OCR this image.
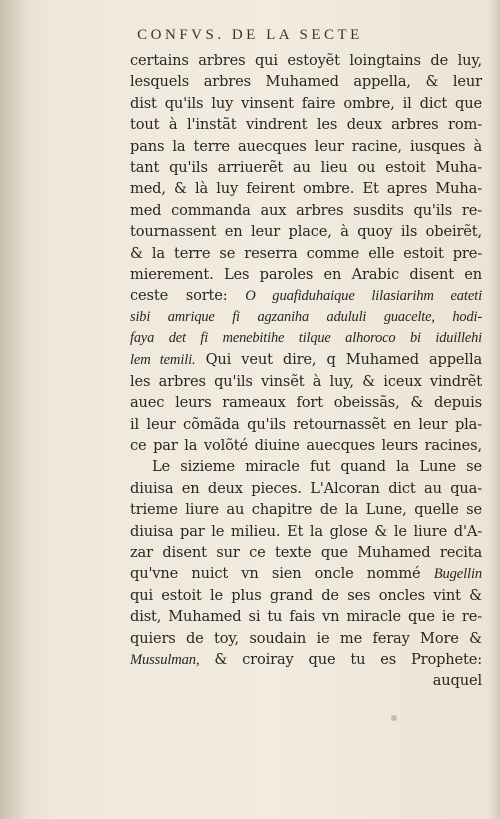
CONFVS. DE LA SECTE
certains arbres qui estoyẽt loingtains de luy,
lesquels arbres Muhamed appella, & leur
dist qu'ils luy vinsent faire ombre, il dict que
tout à l'instãt vindrent les deux arbres rom-
pans la terre auecques leur racine, iusques à
tant qu'ils arriuerẽt au lieu ou estoit Muha-
med, & là luy feirent ombre. Et apres Muha-
med commanda aux arbres susdits qu'ils re-
tournassent en leur place, à quoy ils obeirẽt,
& la terre se reserra comme elle estoit pre-
mierement. Les paroles en Arabic disent en
ceste sorte: O guafiduhaique lilasiarihm eateti
sibi amrique fi agzaniha adululi guacelte, hodi-
faya det fi menebitihe tilque alhoroco bi iduillehi
lem temili. Qui veut dire, q Muhamed appella
les arbres qu'ils vinsẽt à luy, & iceux vindrẽt
auec leurs rameaux fort obeissãs, & depuis
il leur cõmãda qu'ils retournassẽt en leur pla-
ce par la volõté diuine auecques leurs racines,
Le sizieme miracle fut quand la Lune se
diuisa en deux pieces. L'Alcoran dict au qua-
trieme liure au chapitre de la Lune, quelle se
diuisa par le milieu. Et la glose & le liure d'A-
zar disent sur ce texte que Muhamed recita
qu'vne nuict vn sien oncle nommé Bugellin
qui estoit le plus grand de ses oncles vint &
dist, Muhamed si tu fais vn miracle que ie re-
quiers de toy, soudain ie me feray More &
Mussulman, & croiray que tu es Prophete:
auquel
